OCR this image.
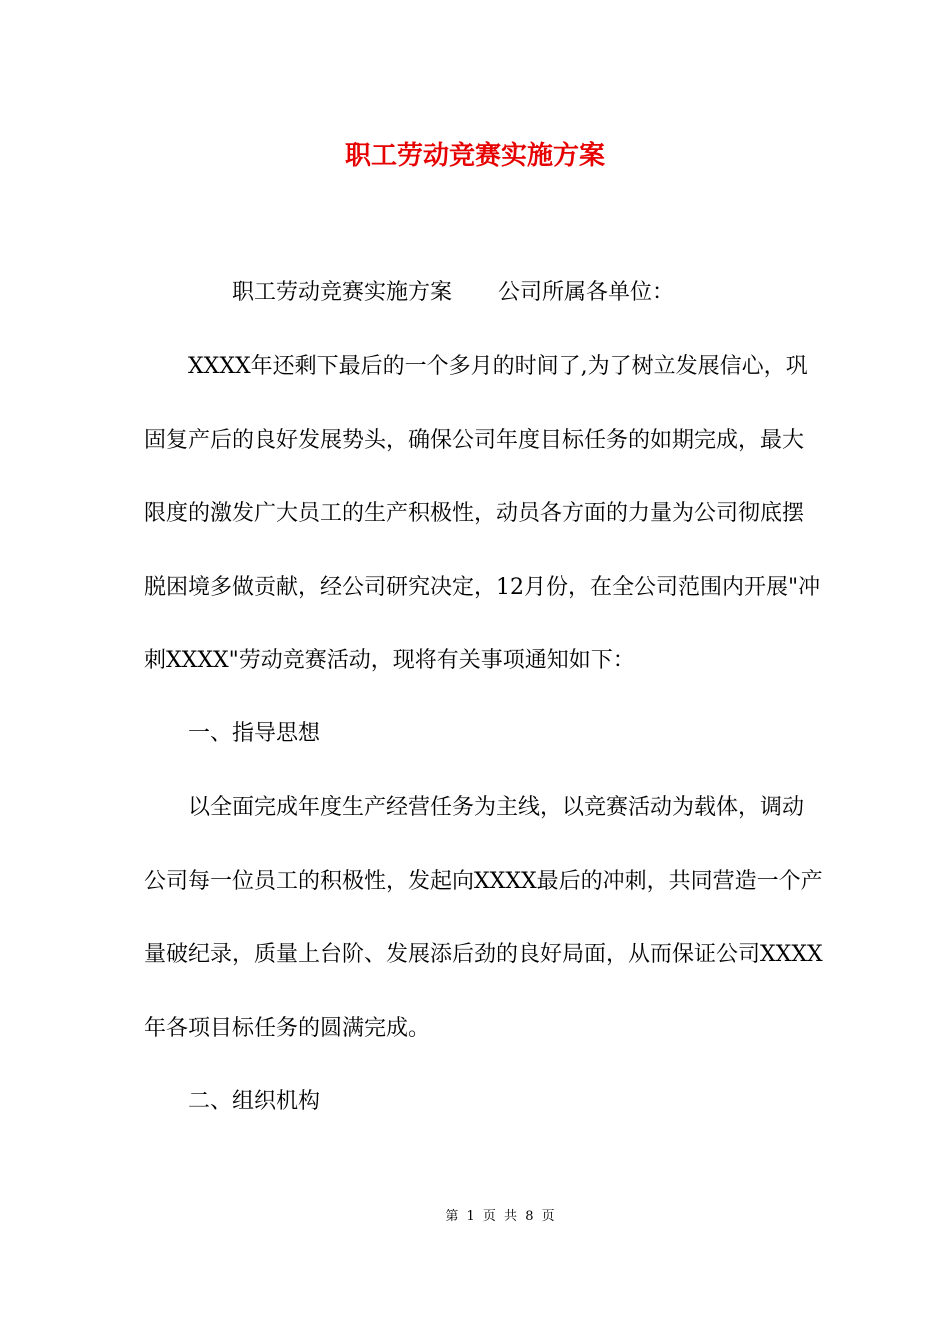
职工劳动竞赛实施方案

职工劳动竞赛实施方案 公司所属各单位：

XXXX年还剩下最后的一个多月的时间了,为了树立发展信心，巩固复产后的良好发展势头，确保公司年度目标任务的如期完成，最大限度的激发广大员工的生产积极性，动员各方面的力量为公司彻底摆脱困境多做贡献，经公司研究决定，12月份，在全公司范围内开展"冲刺XXXX"劳动竞赛活动，现将有关事项通知如下：

一、指导思想

以全面完成年度生产经营任务为主线，以竞赛活动为载体，调动公司每一位员工的积极性，发起向XXXX最后的冲刺，共同营造一个产量破纪录，质量上台阶、发展添后劲的良好局面，从而保证公司XXXX年各项目标任务的圆满完成。

二、组织机构

第 1 页 共 8 页
